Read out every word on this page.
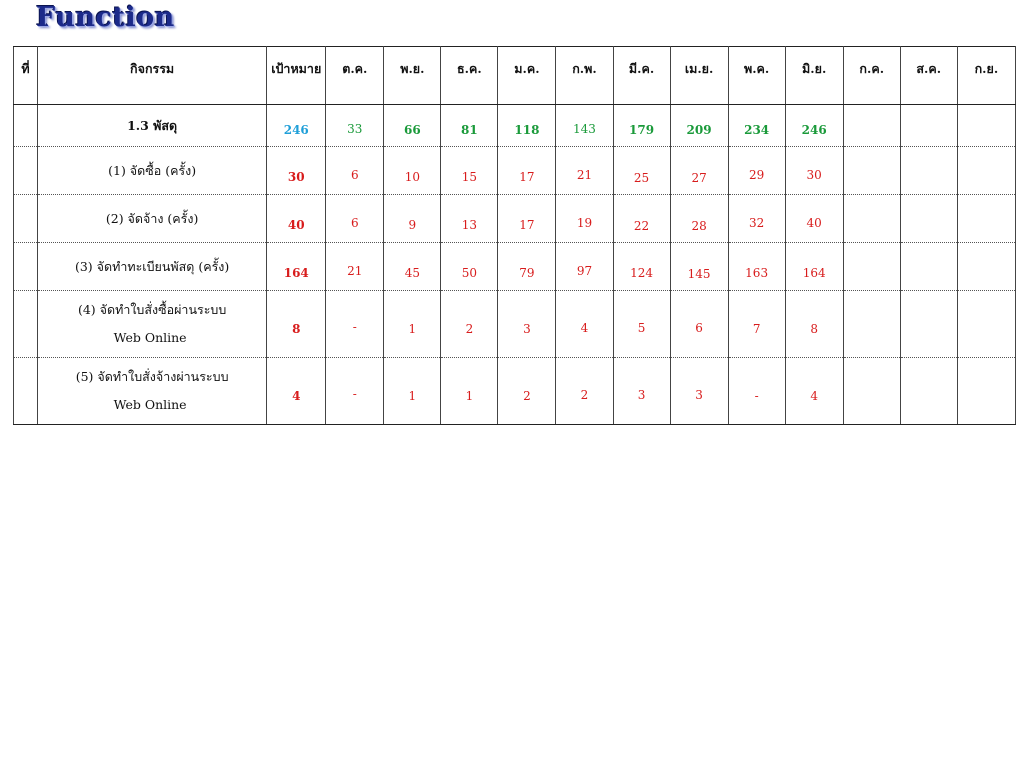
Function
ที่	กิจกรรม	เป้าหมาย	ต.ค.	พ.ย.	ธ.ค.	ม.ค.	ก.พ.	มี.ค.	เม.ย.	พ.ค.	มิ.ย.	ก.ค.	ส.ค.	ก.ย.
	1.3 พัสดุ	246	33	66	81	118	143	179	209	234	246			
	(1) จัดซื้อ (ครั้ง)	30	6	10	15	17	21	25	27	29	30			
	(2) จัดจ้าง (ครั้ง)	40	6	9	13	17	19	22	28	32	40			
	(3) จัดทำทะเบียนพัสดุ (ครั้ง)	164	21	45	50	79	97	124	145	163	164			
	(4) จัดทำใบสั่งซื้อผ่านระบบ
Web Online	8	-	1	2	3	4	5	6	7	8			
	(5) จัดทำใบสั่งจ้างผ่านระบบ
Web Online	4	-	1	1	2	2	3	3	-	4			
